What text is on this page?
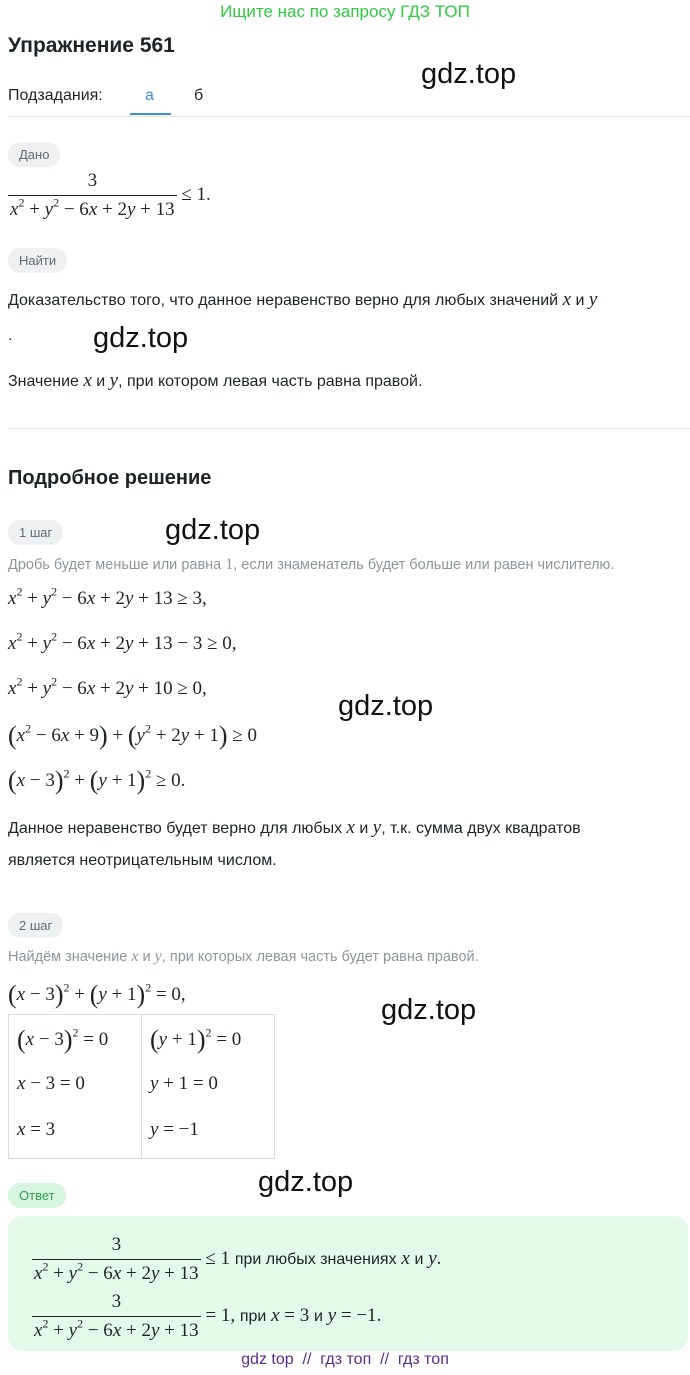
Ищите нас по запросу ГДЗ ТОП
Упражнение 561
Подзадания:	а	б
gdz.top
gdz.top
gdz.top
gdz.top
gdz.top
gdz.top
Дано
$\frac{3}{x^2 + y^2 - 6x + 2y + 13} \le 1$.
Найти
Доказательство того, что данное неравенство верно для любых значений x и y
.
Значение x и y, при котором левая часть равна правой.
Подробное решение
1 шаг
Дробь будет меньше или равна 1, если знаменатель будет больше или равен числителю.
$x^2 + y^2 - 6x + 2y + 13 \ge 3$,
$x^2 + y^2 - 6x + 2y + 13 - 3 \ge 0$,
$x^2 + y^2 - 6x + 2y + 10 \ge 0$,
$(x^2 - 6x + 9) + (y^2 + 2y + 1) \ge 0$
$(x - 3)^2 + (y + 1)^2 \ge 0$.
Данное неравенство будет верно для любых x и y, т.к. сумма двух квадратов
является неотрицательным числом.
2 шаг
Найдём значение x и y, при которых левая часть будет равна правой.
$(x - 3)^2 + (y + 1)^2 = 0$,
$(x - 3)^2 = 0$
x − 3 = 0
x = 3
$(y + 1)^2 = 0$
y + 1 = 0
y = −1
Ответ
$\frac{3}{x^2 + y^2 - 6x + 2y + 13} \le 1$ при любых значениях x и y.
$\frac{3}{x^2 + y^2 - 6x + 2y + 13} = 1$, при x = 3 и y = −1.
gdz top  //  гдз топ  //  гдз топ
